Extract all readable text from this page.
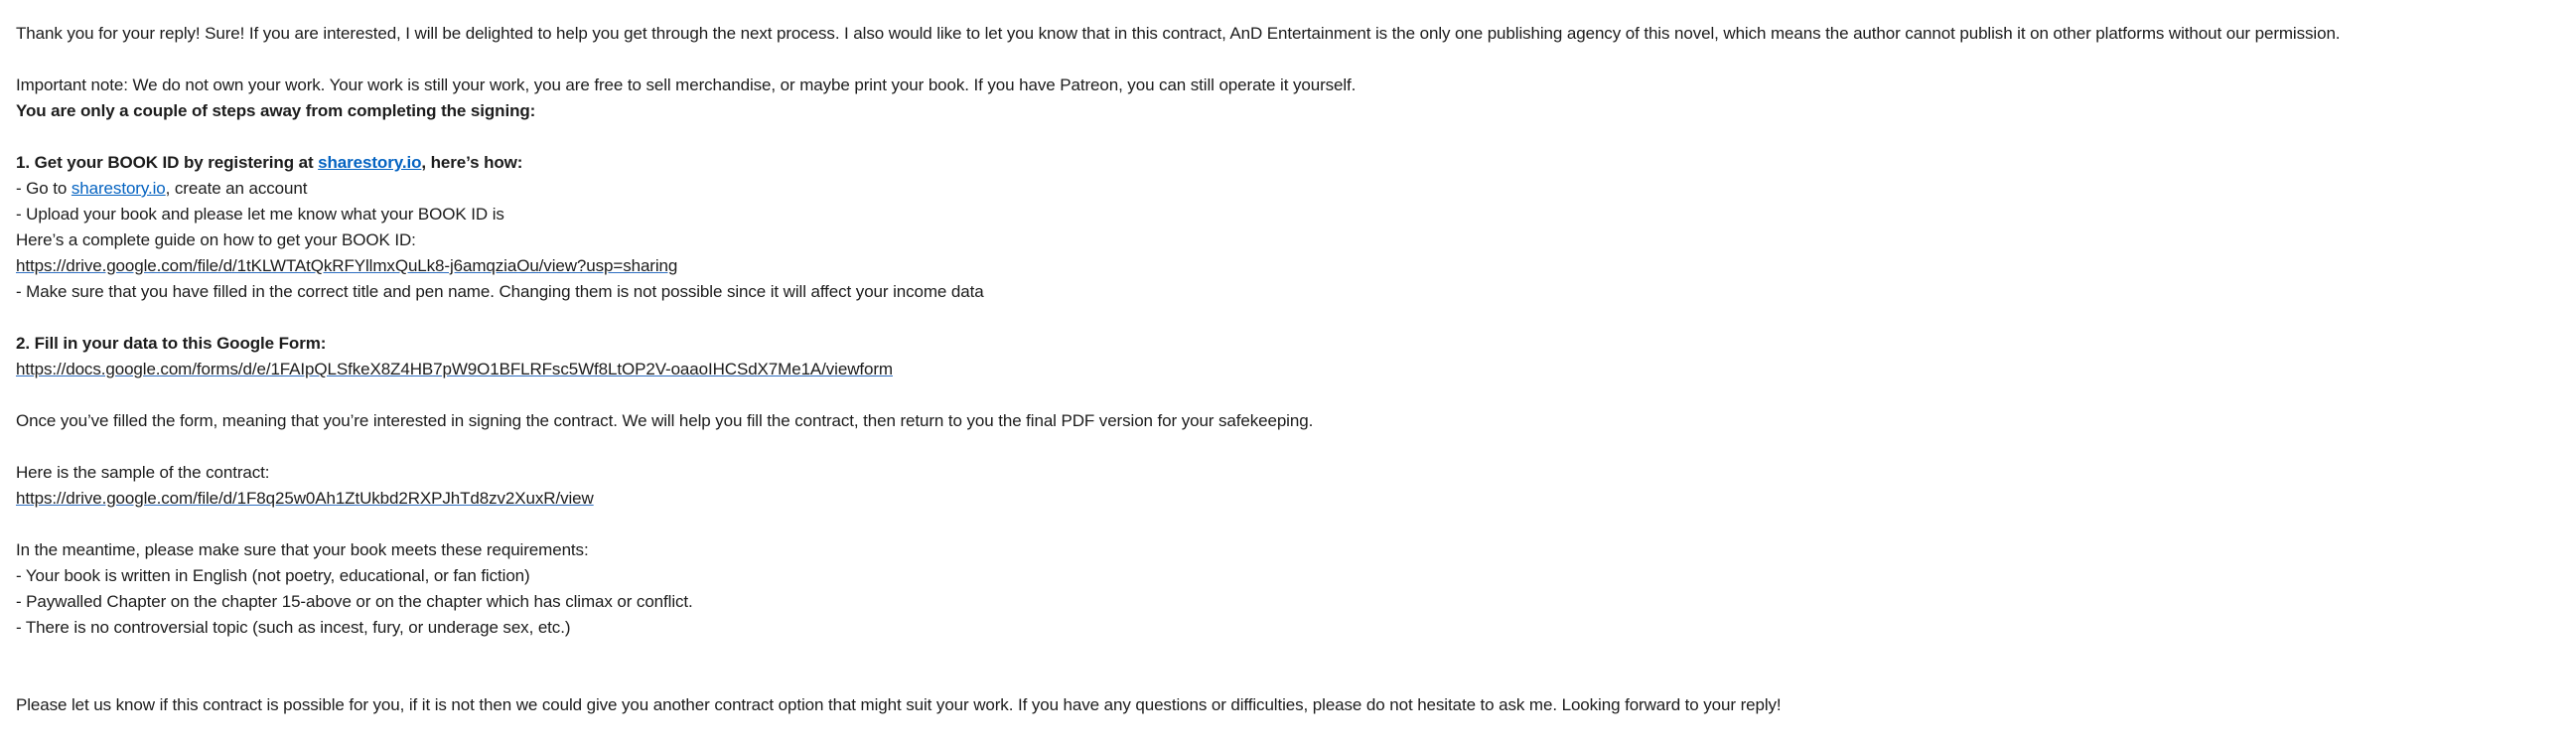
Thank you for your reply! Sure! If you are interested, I will be delighted to help you get through the next process. I also would like to let you know that in this contract, AnD Entertainment is the only one publishing agency of this novel, which means the author cannot publish it on other platforms without our permission.

Important note: We do not own your work. Your work is still your work, you are free to sell merchandise, or maybe print your book. If you have Patreon, you can still operate it yourself.
You are only a couple of steps away from completing the signing:

1. Get your BOOK ID by registering at sharestory.io, here’s how:
- Go to sharestory.io, create an account
- Upload your book and please let me know what your BOOK ID is
Here’s a complete guide on how to get your BOOK ID:
https://drive.google.com/file/d/1tKLWTAtQkRFYllmxQuLk8-j6amqziaOu/view?usp=sharing
- Make sure that you have filled in the correct title and pen name. Changing them is not possible since it will affect your income data

2. Fill in your data to this Google Form:
https://docs.google.com/forms/d/e/1FAIpQLSfkeX8Z4HB7pW9O1BFLRFsc5Wf8LtOP2V-oaaoIHCSdX7Me1A/viewform

Once you’ve filled the form, meaning that you’re interested in signing the contract. We will help you fill the contract, then return to you the final PDF version for your safekeeping.

Here is the sample of the contract:
https://drive.google.com/file/d/1F8q25w0Ah1ZtUkbd2RXPJhTd8zv2XuxR/view

In the meantime, please make sure that your book meets these requirements:
- Your book is written in English (not poetry, educational, or fan fiction)
- Paywalled Chapter on the chapter 15-above or on the chapter which has climax or conflict.
- There is no controversial topic (such as incest, fury, or underage sex, etc.)

Please let us know if this contract is possible for you, if it is not then we could give you another contract option that might suit your work. If you have any questions or difficulties, please do not hesitate to ask me. Looking forward to your reply!
